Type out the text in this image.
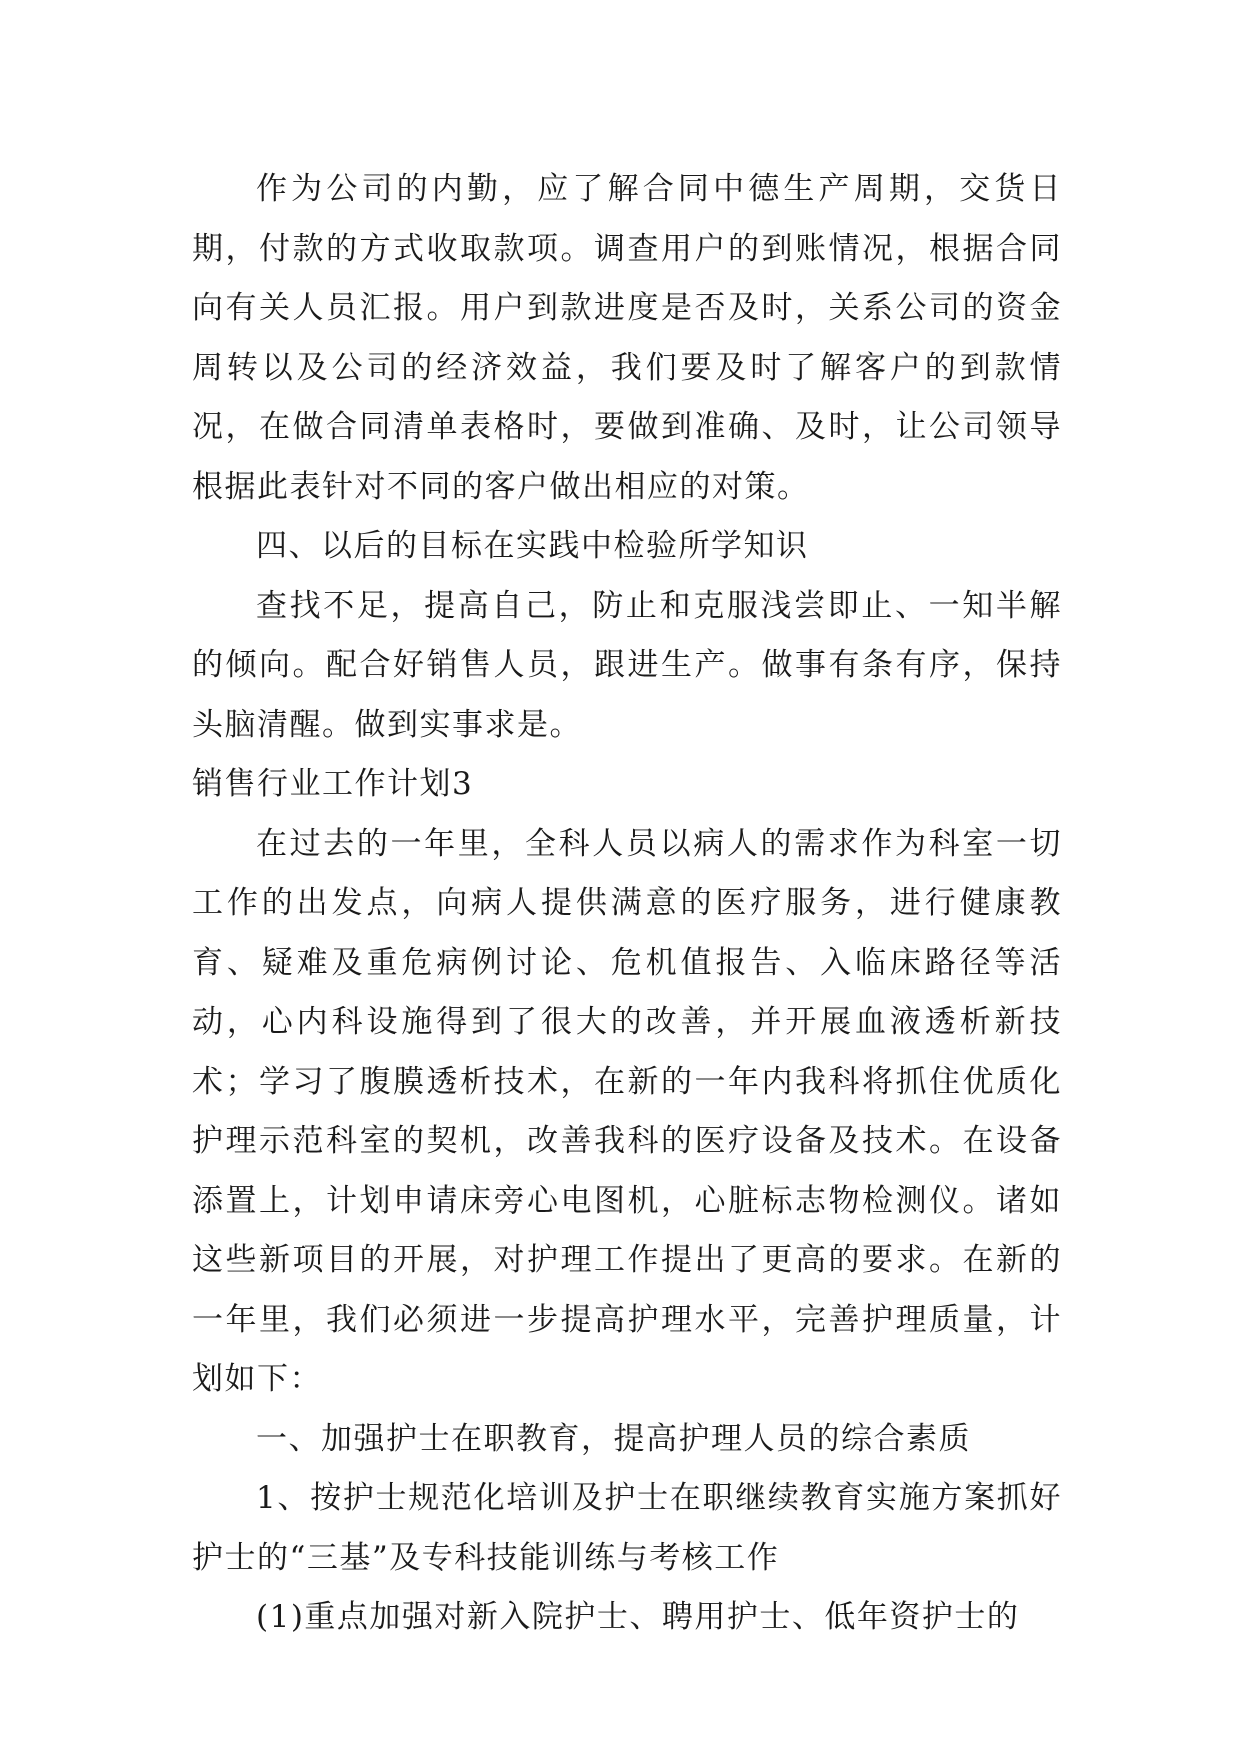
作为公司的内勤，应了解合同中德生产周期，交货日期，付款的方式收取款项。调查用户的到账情况，根据合同向有关人员汇报。用户到款进度是否及时，关系公司的资金周转以及公司的经济效益，我们要及时了解客户的到款情况，在做合同清单表格时，要做到准确、及时，让公司领导根据此表针对不同的客户做出相应的对策。

四、以后的目标在实践中检验所学知识

查找不足，提高自己，防止和克服浅尝即止、一知半解的倾向。配合好销售人员，跟进生产。做事有条有序，保持头脑清醒。做到实事求是。

销售行业工作计划3

在过去的一年里，全科人员以病人的需求作为科室一切工作的出发点，向病人提供满意的医疗服务，进行健康教育、疑难及重危病例讨论、危机值报告、入临床路径等活动，心内科设施得到了很大的改善，并开展血液透析新技术；学习了腹膜透析技术，在新的一年内我科将抓住优质化护理示范科室的契机，改善我科的医疗设备及技术。在设备添置上，计划申请床旁心电图机，心脏标志物检测仪。诸如这些新项目的开展，对护理工作提出了更高的要求。在新的一年里，我们必须进一步提高护理水平，完善护理质量，计划如下：

一、加强护士在职教育，提高护理人员的综合素质

1、按护士规范化培训及护士在职继续教育实施方案抓好护士的“三基”及专科技能训练与考核工作

(1)重点加强对新入院护士、聘用护士、低年资护士的
